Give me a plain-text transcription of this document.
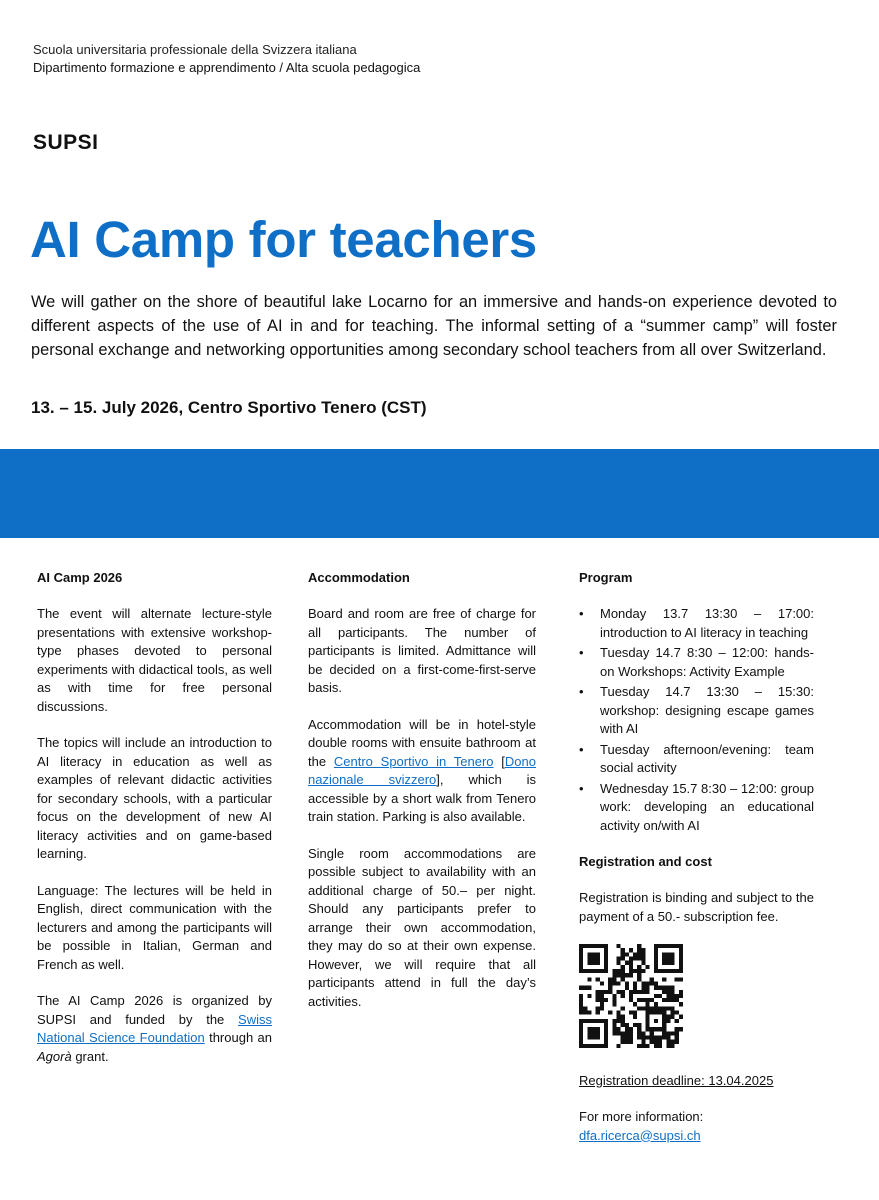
Scuola universitaria professionale della Svizzera italiana
Dipartimento formazione e apprendimento / Alta scuola pedagogica
SUPSI
AI Camp for teachers
We will gather on the shore of beautiful lake Locarno for an immersive and hands-on experience devoted to different aspects of the use of AI in and for teaching. The informal setting of a “summer camp” will foster personal exchange and networking opportunities among secondary school teachers from all over Switzerland.
13. – 15. July 2026, Centro Sportivo Tenero (CST)
AI Camp 2026

The event will alternate lecture-style presentations with extensive workshop-type phases devoted to personal experiments with didactical tools, as well as with time for free personal discussions.

The topics will include an introduction to AI literacy in education as well as examples of relevant didactic activities for secondary schools, with a particular focus on the development of new AI literacy activities and on game-based learning.

Language: The lectures will be held in English, direct communication with the lecturers and among the participants will be possible in Italian, German and French as well.

The AI Camp 2026 is organized by SUPSI and funded by the Swiss National Science Foundation through an Agorà grant.

Accommodation

Board and room are free of charge for all participants. The number of participants is limited. Admittance will be decided on a first-come-first-serve basis.

Accommodation will be in hotel-style double rooms with ensuite bathroom at the Centro Sportivo in Tenero [Dono nazionale svizzero], which is accessible by a short walk from Tenero train station. Parking is also available.

Single room accommodations are possible subject to availability with an additional charge of 50.– per night. Should any participants prefer to arrange their own accommodation, they may do so at their own expense. However, we will require that all participants attend in full the day’s activities.

Program
• Monday 13.7 13:30 – 17:00: introduction to AI literacy in teaching
• Tuesday 14.7 8:30 – 12:00: hands-on Workshops: Activity Example
• Tuesday 14.7 13:30 – 15:30: workshop: designing escape games with AI
• Tuesday afternoon/evening: team social activity
• Wednesday 15.7 8:30 – 12:00: group work: developing an educational activity on/with AI
Registration and cost

Registration is binding and subject to the payment of a 50.- subscription fee.

Registration deadline: 13.04.2025

For more information:
dfa.ricerca@supsi.ch
